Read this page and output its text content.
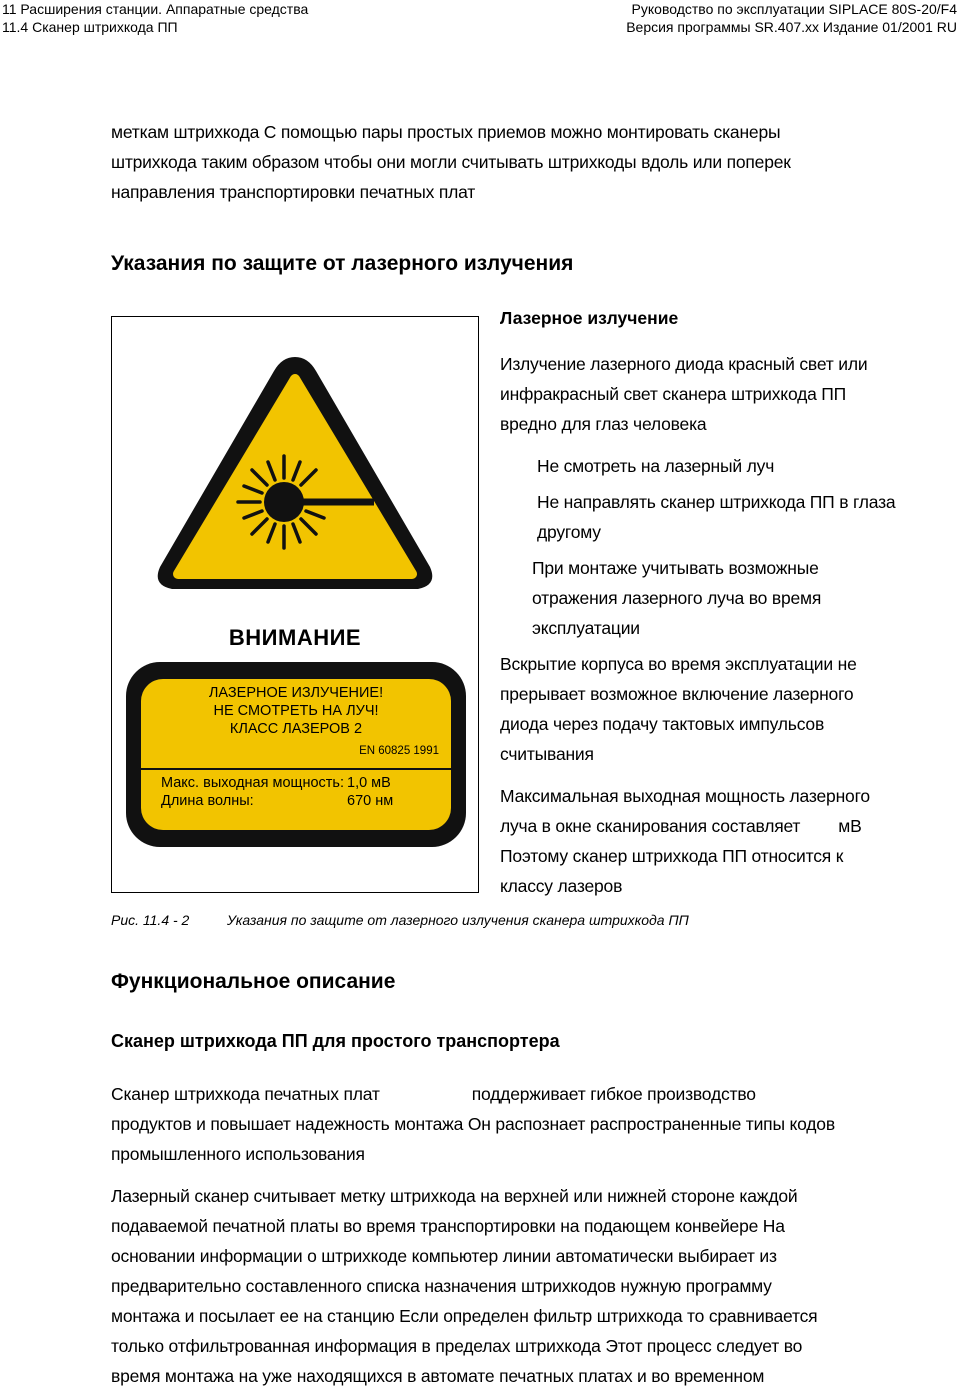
11 Расширения станции. Аппаратные средства
11.4 Сканер штрихкода ПП
Руководство по эксплуатации SIPLACE 80S-20/F4
Версия программы SR.407.xx Издание 01/2001 RU
меткам штрихкода С помощью пары простых приемов можно монтировать сканеры
штрихкода таким образом чтобы они могли считывать штрихкоды вдоль или поперек
направления транспортировки печатных плат
Указания по защите от лазерного излучения
ВНИМАНИЕ
ЛАЗЕРНОЕ ИЗЛУЧЕНИЕ!
НЕ СМОТРЕТЬ НА ЛУЧ!
КЛАСС ЛАЗЕРОВ 2
EN 60825 1991
Макс. выходная мощность: 1,0 мВ
Длина волны:	670 нм
Лазерное излучение
Излучение лазерного диода красный свет или
инфракрасный свет сканера штрихкода ПП
вредно для глаз человека
Не смотреть на лазерный луч
Не направлять сканер штрихкода ПП в глаза
другому
При монтаже учитывать возможные
отражения лазерного луча во время
эксплуатации
Вскрытие корпуса во время эксплуатации не
прерывает возможное включение лазерного
диода через подачу тактовых импульсов
считывания
Максимальная выходная мощность лазерного
луча в окне сканирования составляет мВ
Поэтому сканер штрихкода ПП относится к
классу лазеров
Рис. 11.4 - 2	Указания по защите от лазерного излучения сканера штрихкода ПП
Функциональное описание
Сканер штрихкода ПП для простого транспортера
Сканер штрихкода печатных плат	поддерживает гибкое производство
продуктов и повышает надежность монтажа Он распознает распространенные типы кодов
промышленного использования
Лазерный сканер считывает метку штрихкода на верхней или нижней стороне каждой
подаваемой печатной платы во время транспортировки на подающем конвейере На
основании информации о штрихкоде компьютер линии автоматически выбирает из
предварительно составленного списка назначения штрихкодов нужную программу
монтажа и посылает ее на станцию Если определен фильтр штрихкода то сравнивается
только отфильтрованная информация в пределах штрихкода Этот процесс следует во
время монтажа на уже находящихся в автомате печатных платах и во временном
